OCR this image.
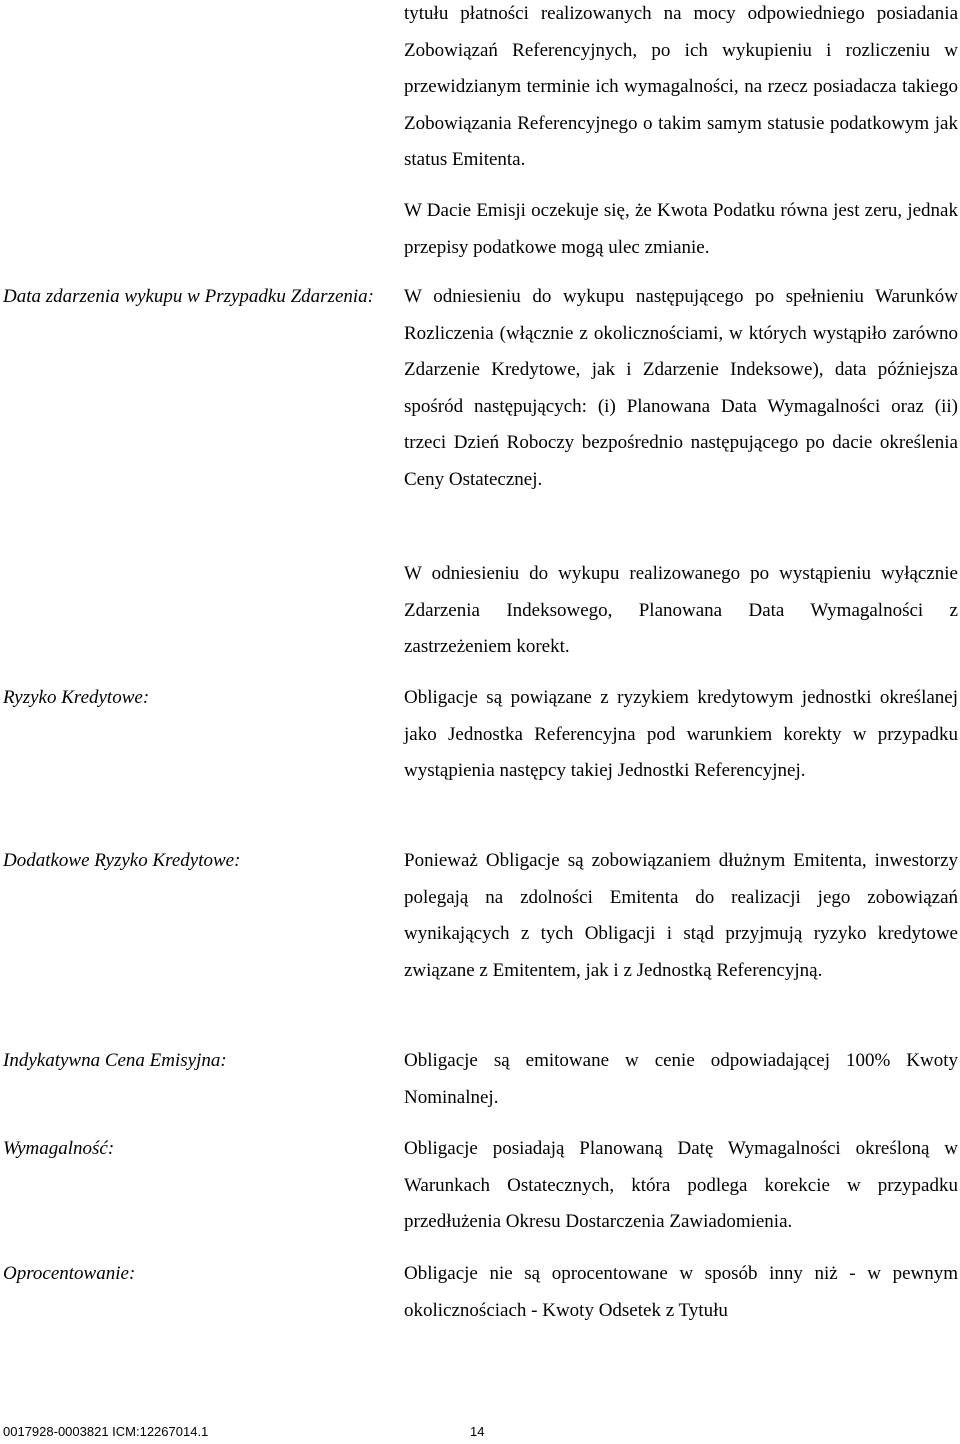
tytułu płatności realizowanych na mocy odpowiedniego posiadania Zobowiązań Referencyjnych, po ich wykupieniu i rozliczeniu w przewidzianym terminie ich wymagalności, na rzecz posiadacza takiego Zobowiązania Referencyjnego o takim samym statusie podatkowym jak status Emitenta.

W Dacie Emisji oczekuje się, że Kwota Podatku równa jest zeru, jednak przepisy podatkowe mogą ulec zmianie.

Data zdarzenia wykupu w Przypadku Zdarzenia: W odniesieniu do wykupu następującego po spełnieniu Warunków Rozliczenia (włącznie z okolicznościami, w których wystąpiło zarówno Zdarzenie Kredytowe, jak i Zdarzenie Indeksowe), data późniejsza spośród następujących: (i) Planowana Data Wymagalności oraz (ii) trzeci Dzień Roboczy bezpośrednio następującego po dacie określenia Ceny Ostatecznej.

W odniesieniu do wykupu realizowanego po wystąpieniu wyłącznie Zdarzenia Indeksowego, Planowana Data Wymagalności z zastrzeżeniem korekt.

Ryzyko Kredytowe:	Obligacje są powiązane z ryzykiem kredytowym jednostki określanej jako Jednostka Referencyjna pod warunkiem korekty w przypadku wystąpienia następcy takiej Jednostki Referencyjnej.

Dodatkowe Ryzyko Kredytowe:	Ponieważ Obligacje są zobowiązaniem dłużnym Emitenta, inwestorzy polegają na zdolności Emitenta do realizacji jego zobowiązań wynikających z tych Obligacji i stąd przyjmują ryzyko kredytowe związane z Emitentem, jak i z Jednostką Referencyjną.

Indykatywna Cena Emisyjna:	Obligacje są emitowane w cenie odpowiadającej 100% Kwoty Nominalnej.

Wymagalność:	Obligacje posiadają Planowaną Datę Wymagalności określoną w Warunkach Ostatecznych, która podlega korekcie w przypadku przedłużenia Okresu Dostarczenia Zawiadomienia.

Oprocentowanie:	Obligacje nie są oprocentowane w sposób inny niż - w pewnym okolicznościach - Kwoty Odsetek z Tytułu

0017928-0003821 ICM:12267014.1	14
